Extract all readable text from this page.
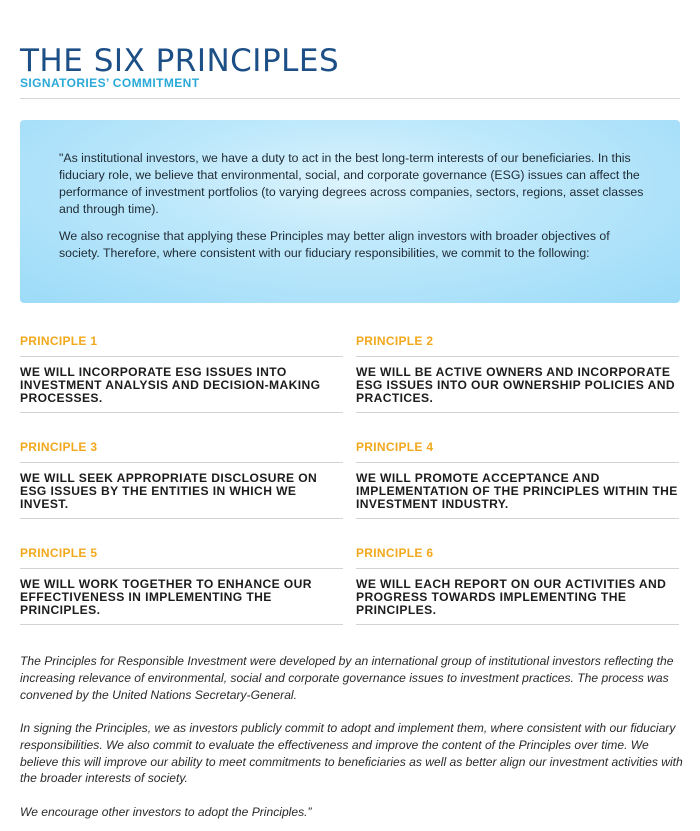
THE SIX PRINCIPLES
SIGNATORIES’ COMMITMENT

"As institutional investors, we have a duty to act in the best long-term interests of our beneficiaries. In this fiduciary role, we believe that environmental, social, and corporate governance (ESG) issues can affect the performance of investment portfolios (to varying degrees across companies, sectors, regions, asset classes and through time).

We also recognise that applying these Principles may better align investors with broader objectives of society. Therefore, where consistent with our fiduciary responsibilities, we commit to the following:

PRINCIPLE 1

WE WILL INCORPORATE ESG ISSUES INTO INVESTMENT ANALYSIS AND DECISION-MAKING PROCESSES.

PRINCIPLE 2

WE WILL BE ACTIVE OWNERS AND INCORPORATE ESG ISSUES INTO OUR OWNERSHIP POLICIES AND PRACTICES.

PRINCIPLE 3

WE WILL SEEK APPROPRIATE DISCLOSURE ON ESG ISSUES BY THE ENTITIES IN WHICH WE INVEST.

PRINCIPLE 4

WE WILL PROMOTE ACCEPTANCE AND IMPLEMENTATION OF THE PRINCIPLES WITHIN THE INVESTMENT INDUSTRY.

PRINCIPLE 5

WE WILL WORK TOGETHER TO ENHANCE OUR EFFECTIVENESS IN IMPLEMENTING THE PRINCIPLES.

PRINCIPLE 6

WE WILL EACH REPORT ON OUR ACTIVITIES AND PROGRESS TOWARDS IMPLEMENTING THE PRINCIPLES.

The Principles for Responsible Investment were developed by an international group of institutional investors reflecting the increasing relevance of environmental, social and corporate governance issues to investment practices. The process was convened by the United Nations Secretary-General.

In signing the Principles, we as investors publicly commit to adopt and implement them, where consistent with our fiduciary responsibilities. We also commit to evaluate the effectiveness and improve the content of the Principles over time. We believe this will improve our ability to meet commitments to beneficiaries as well as better align our investment activities with the broader interests of society.

We encourage other investors to adopt the Principles.”
